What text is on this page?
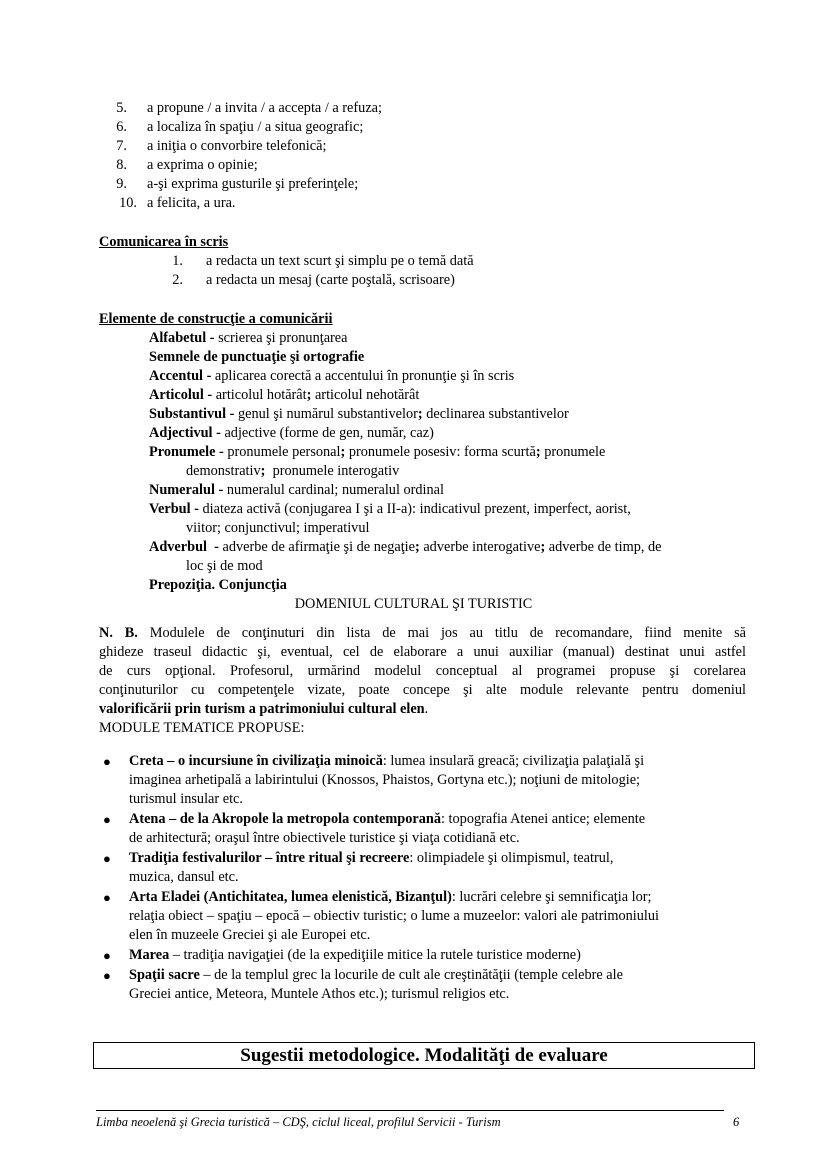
5. a propune / a invita / a accepta / a refuza;
6. a localiza în spaţiu / a situa geografic;
7. a iniţia o convorbire telefonică;
8. a exprima o opinie;
9. a-şi exprima gusturile şi preferinţele;
10. a felicita, a ura.
Comunicarea în scris
1. a redacta un text scurt şi simplu pe o temă dată
2. a redacta un mesaj (carte poştală, scrisoare)
Elemente de construcţie a comunicării
Alfabetul - scrierea şi pronunţarea
Semnele de punctuaţie şi ortografie
Accentul - aplicarea corectă a accentului în pronunţie şi în scris
Articolul - articolul hotărât; articolul nehotărât
Substantivul - genul şi numărul substantivelor; declinarea substantivelor
Adjectivul - adjective (forme de gen, număr, caz)
Pronumele - pronumele personal; pronumele posesiv: forma scurtă; pronumele
demonstrativ;  pronumele interogativ
Numeralul - numeralul cardinal; numeralul ordinal
Verbul - diateza activă (conjugarea I şi a II-a): indicativul prezent, imperfect, aorist,
viitor; conjunctivul; imperativul
Adverbul  - adverbe de afirmaţie şi de negaţie; adverbe interogative; adverbe de timp, de
loc şi de mod
Prepoziţia. Conjuncţia
DOMENIUL CULTURAL ŞI TURISTIC
N. B. Modulele de conţinuturi din lista de mai jos au titlu de recomandare, fiind menite să
ghideze traseul didactic şi, eventual, cel de elaborare a unui auxiliar (manual) destinat unui astfel
de curs opţional. Profesorul, urmărind modelul conceptual al programei propuse şi corelarea
conţinuturilor cu competenţele vizate, poate concepe şi alte module relevante pentru domeniul
valorificării prin turism a patrimoniului cultural elen.
MODULE TEMATICE PROPUSE:
● Creta – o incursiune în civilizaţia minoică: lumea insulară greacă; civilizaţia palaţială şi
imaginea arhetipală a labirintului (Knossos, Phaistos, Gortyna etc.); noţiuni de mitologie;
turismul insular etc.
● Atena – de la Akropole la metropola contemporană: topografia Atenei antice; elemente
de arhitectură; oraşul între obiectivele turistice şi viaţa cotidiană etc.
● Tradiţia festivalurilor – între ritual şi recreere: olimpiadele şi olimpismul, teatrul,
muzica, dansul etc.
● Arta Eladei (Antichitatea, lumea elenistică, Bizanţul): lucrări celebre şi semnificaţia lor;
relaţia obiect – spaţiu – epocă – obiectiv turistic; o lume a muzeelor: valori ale patrimoniului
elen în muzeele Greciei şi ale Europei etc.
● Marea – tradiţia navigaţiei (de la expediţiile mitice la rutele turistice moderne)
● Spaţii sacre – de la templul grec la locurile de cult ale creştinătăţii (temple celebre ale
Greciei antice, Meteora, Muntele Athos etc.); turismul religios etc.
Sugestii metodologice. Modalităţi de evaluare
Limba neoelenă şi Grecia turistică – CDŞ, ciclul liceal, profilul Servicii - Turism	6
